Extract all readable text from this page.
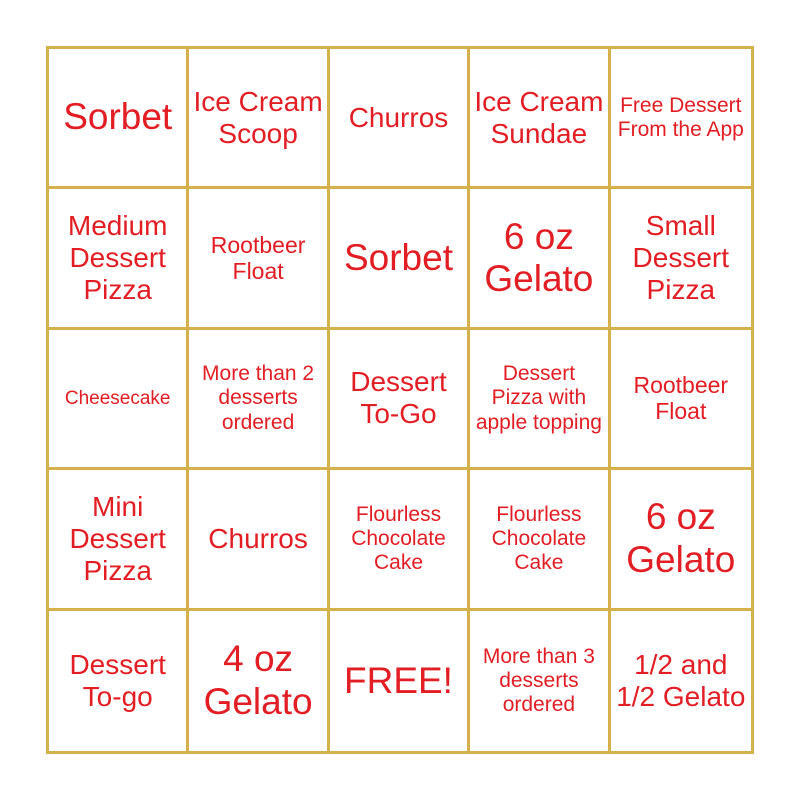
Sorbet Ice Cream Scoop
Churros
Ice Cream Sundae
Free Dessert From the App
Medium Dessert Pizza
Rootbeer Float	Sorbet
6 oz Gelato
Small Dessert Pizza
Cheesecake
More than 2 desserts ordered
Dessert To-Go
Dessert Pizza with apple topping
Rootbeer Float
Mini Dessert Pizza
Churros
Flourless Chocolate Cake
Flourless Chocolate Cake
6 oz Gelato
Dessert To-go
4 oz Gelato
FREE!
More than 3 desserts ordered
1/2 and 1/2 Gelato
